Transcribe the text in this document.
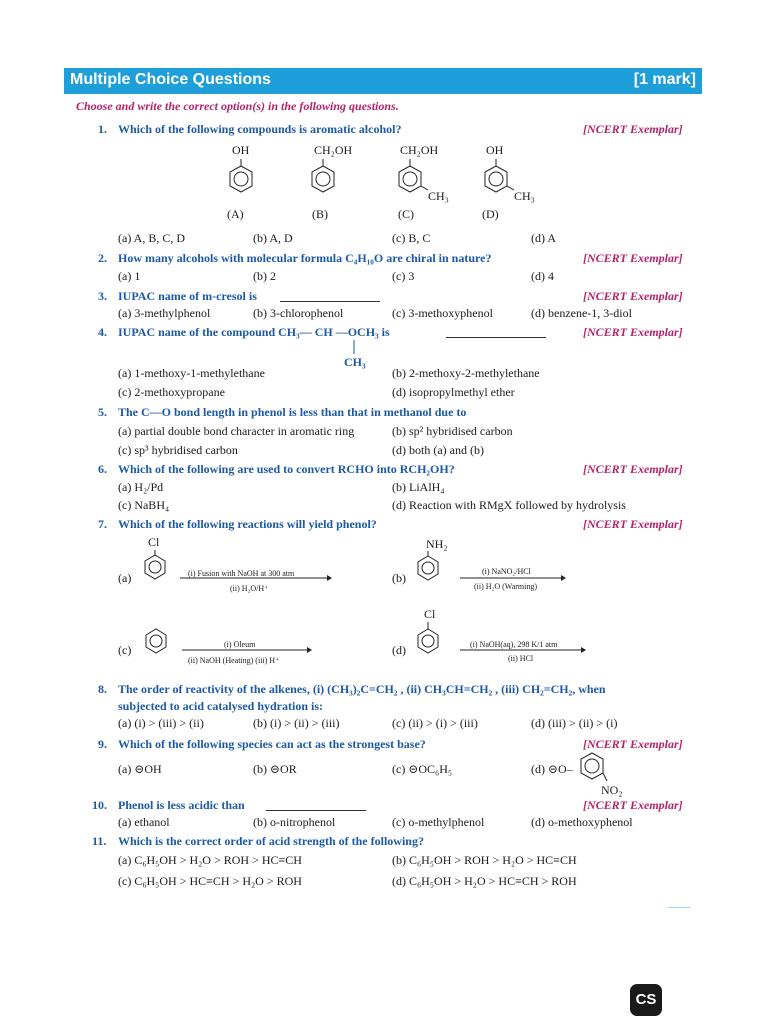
Multiple Choice Questions	[1 mark]
Choose and write the correct option(s) in the following questions.
1. Which of the following compounds is aromatic alcohol?	[NCERT Exemplar]
OH	CH₂OH	CH₂OH	OH
CH₃	CH₃
(A)	(B)	(C)	(D)
(a) A, B, C, D	(b) A, D	(c) B, C	(d) A
2. How many alcohols with molecular formula C₄H₁₀O are chiral in nature?	[NCERT Exemplar]
(a) 1	(b) 2	(c) 3	(d) 4
3. IUPAC name of m-cresol is	[NCERT Exemplar]
(a) 3-methylphenol	(b) 3-chlorophenol	(c) 3-methoxyphenol	(d) benzene-1, 3-diol
4. IUPAC name of the compound CH₃— CH —OCH₃ is	[NCERT Exemplar]
CH₃
(a) 1-methoxy-1-methylethane	(b) 2-methoxy-2-methylethane
(c) 2-methoxypropane	(d) isopropylmethyl ether
5. The C—O bond length in phenol is less than that in methanol due to
(a) partial double bond character in aromatic ring	(b) sp² hybridised carbon
(c) sp³ hybridised carbon	(d) both (a) and (b)
6. Which of the following are used to convert RCHO into RCH₂OH?	[NCERT Exemplar]
(a) H₂/Pd	(b) LiAlH₄
(c) NaBH₄	(d) Reaction with RMgX followed by hydrolysis
7. Which of the following reactions will yield phenol?	[NCERT Exemplar]
Cl
(a)	(i) Fusion with NaOH at 300 atm
(ii) H₂O/H⁺
NH₂
(b)	(i) NaNO₂/HCl
(ii) H₂O (Warming)
(c)	(i) Oleum
(ii) NaOH (Heating) (iii) H⁺
Cl
(d)	(i) NaOH(aq), 298 K/1 atm
(ii) HCl
8. The order of reactivity of the alkenes, (i) (CH₃)₂C=CH₂ , (ii) CH₃CH=CH₂ , (iii) CH₂=CH₂, when
subjected to acid catalysed hydration is:
(a) (i) > (iii) > (ii)	(b) (i) > (ii) > (iii)	(c) (ii) > (i) > (iii)	(d) (iii) > (ii) > (i)
9. Which of the following species can act as the strongest base?	[NCERT Exemplar]
(a) ⊝OH	(b) ⊝OR	(c) ⊝OC₆H₅	(d) ⊝O–
NO₂
10. Phenol is less acidic than	[NCERT Exemplar]
(a) ethanol	(b) o-nitrophenol	(c) o-methylphenol	(d) o-methoxyphenol
11. Which is the correct order of acid strength of the following?
(a) C₆H₅OH > H₂O > ROH > HC≡CH	(b) C₆H₅OH > ROH > H₂O > HC≡CH
(c) C₆H₅OH > HC≡CH > H₂O > ROH	(d) C₆H₅OH > H₂O > HC≡CH > ROH
CS
